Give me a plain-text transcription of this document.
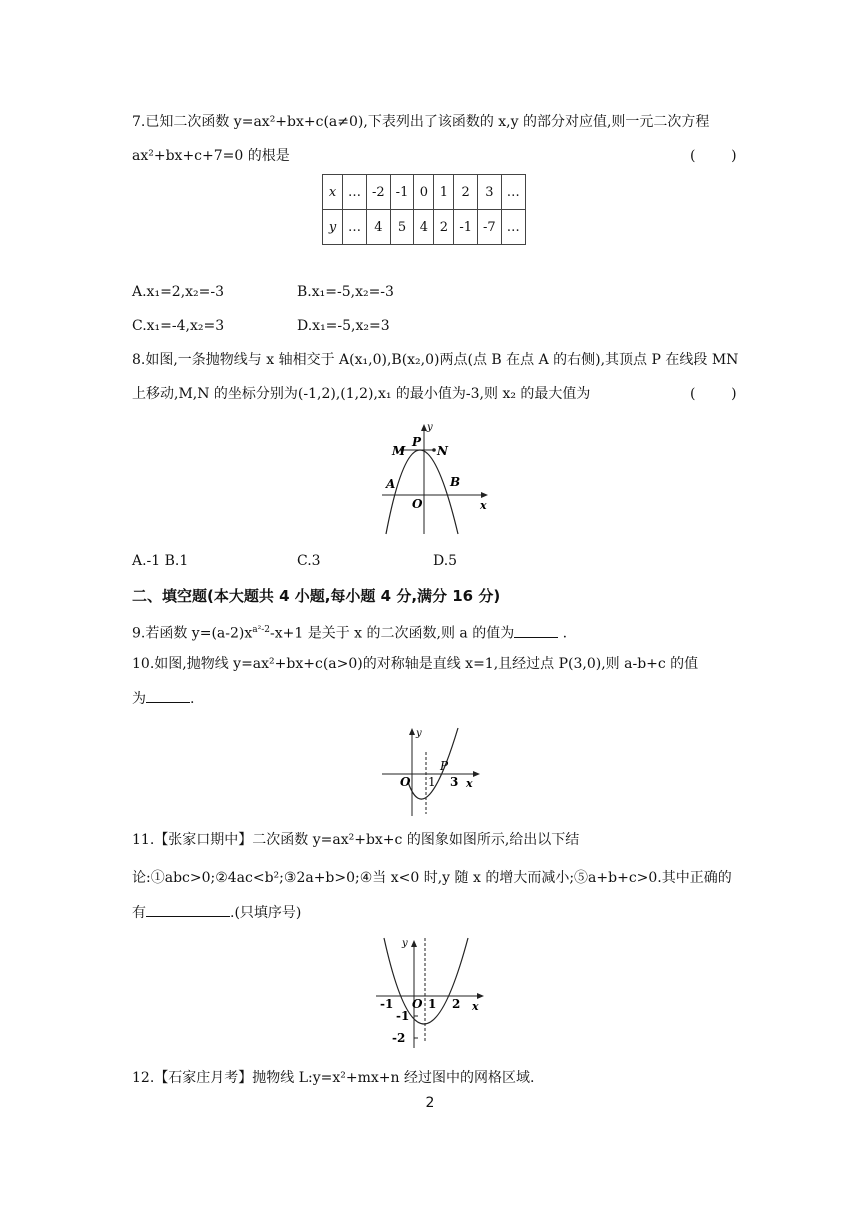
7.已知二次函数 y=ax²+bx+c(a≠0),下表列出了该函数的 x,y 的部分对应值,则一元二次方程
ax²+bx+c+7=0 的根是	(        )
x	…	-2	-1	0	1	2	3	…
y	…	4	5	4	2	-1	-7	…
A.x₁=2,x₂=-3	B.x₁=-5,x₂=-3
C.x₁=-4,x₂=3	D.x₁=-5,x₂=3
8.如图,一条抛物线与 x 轴相交于 A(x₁,0),B(x₂,0)两点(点 B 在点 A 的右侧),其顶点 P 在线段 MN
上移动,M,N 的坐标分别为(-1,2),(1,2),x₁ 的最小值为-3,则 x₂ 的最大值为	(        )
y
P
M	N
A	B
O	x
A.-1 B.1	C.3	D.5
二、填空题(本大题共 4 小题,每小题 4 分,满分 16 分)
9.若函数 $y=(a-2)x^{a^2-2}-x+1$ 是关于 x 的二次函数,则 a 的值为	.
10.如图,抛物线 y=ax²+bx+c(a>0)的对称轴是直线 x=1,且经过点 P(3,0),则 a-b+c 的值
为	.
y
O 1
P
3 x
11.【张家口期中】二次函数 y=ax²+bx+c 的图象如图所示,给出以下结
论:①abc>0;②4ac<b²;③2a+b>0;④当 x<0 时,y 随 x 的增大而减小;⑤a+b+c>0.其中正确的
有	.(只填序号)
y
-1 O 1 2 x
-1
-2
12.【石家庄月考】抛物线 L:y=x²+mx+n 经过图中的网格区域.
2
